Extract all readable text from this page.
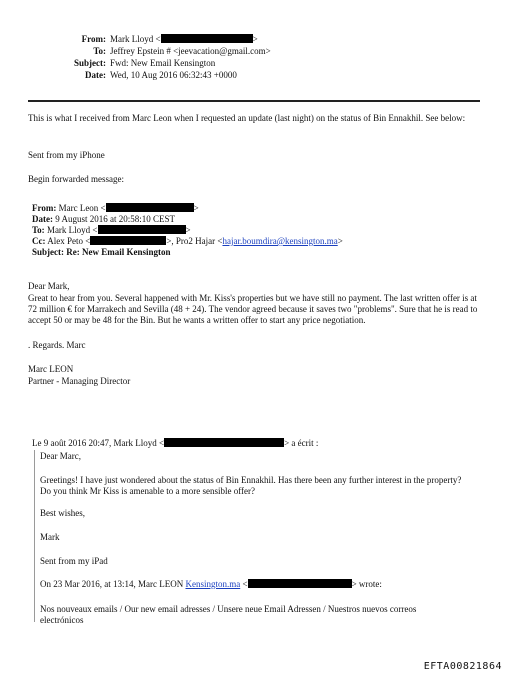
From: Mark Lloyd <	>
To: Jeffrey Epstein # <jeevacation@gmail.com>
Subject: Fwd: New Email Kensington
Date: Wed, 10 Aug 2016 06:32:43 +0000
This is what I received from Marc Leon when I requested an update (last night) on the status of Bin Ennakhil. See below:
Sent from my iPhone
Begin forwarded message:
From: Marc Leon <	>
Date: 9 August 2016 at 20:58:10 CEST
To: Mark Lloyd <	>
Cc: Alex Peto <	>, Pro2 Hajar <hajar.boumdira@kensington.ma>
Subject: Re: New Email Kensington
Dear Mark,
Great to hear from you. Several happened with Mr. Kiss's properties but we have still no payment. The last written offer is at 72 million € for Marrakech and Sevilla (48 + 24). The vendor agreed because it saves two "problems". Sure that he is read to accept 50 or may be 48 for the Bin. But he wants a written offer to start any price negotiation.
. Regards. Marc
Marc LEON
Partner - Managing Director
Le 9 août 2016 20:47, Mark Lloyd <	> a écrit :
Dear Marc,
Greetings! I have just wondered about the status of Bin Ennakhil. Has there been any further interest in the property? Do you think Mr Kiss is amenable to a more sensible offer?
Best wishes,
Mark
Sent from my iPad
On 23 Mar 2016, at 13:14, Marc LEON Kensington.ma <	> wrote:
Nos nouveaux emails / Our new email adresses / Unsere neue Email Adressen / Nuestros nuevos correos electrónicos
EFTA00821864
